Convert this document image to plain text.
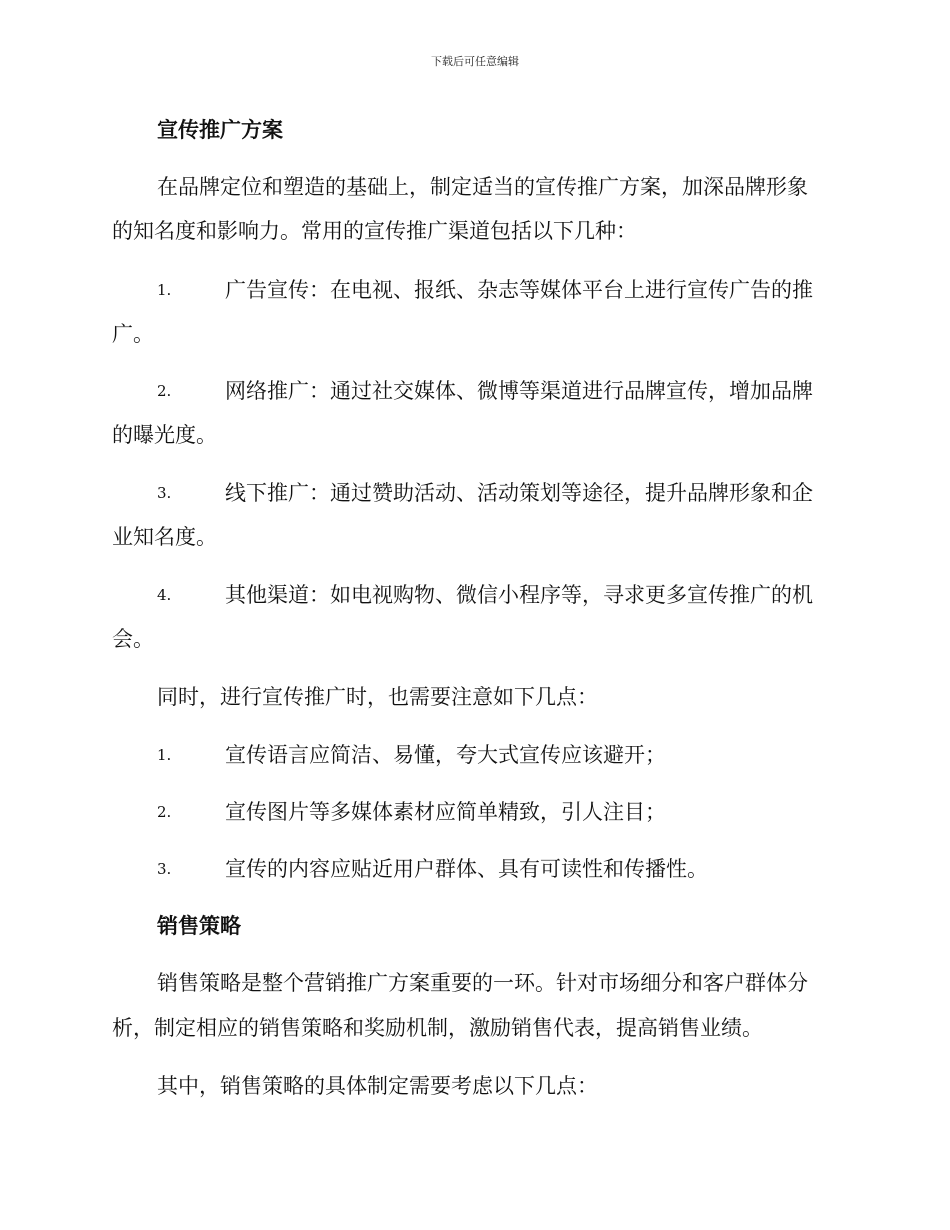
下载后可任意编辑
宣传推广方案
在品牌定位和塑造的基础上，制定适当的宣传推广方案，加深品牌形象
的知名度和影响力。常用的宣传推广渠道包括以下几种：
1.	广告宣传：在电视、报纸、杂志等媒体平台上进行宣传广告的推
广。
2.	网络推广：通过社交媒体、微博等渠道进行品牌宣传，增加品牌
的曝光度。
3.	线下推广：通过赞助活动、活动策划等途径，提升品牌形象和企
业知名度。
4.	其他渠道：如电视购物、微信小程序等，寻求更多宣传推广的机
会。
同时，进行宣传推广时，也需要注意如下几点：
1.	宣传语言应简洁、易懂，夸大式宣传应该避开；
2.	宣传图片等多媒体素材应简单精致，引人注目；
3.	宣传的内容应贴近用户群体、具有可读性和传播性。
销售策略
销售策略是整个营销推广方案重要的一环。针对市场细分和客户群体分
析，制定相应的销售策略和奖励机制，激励销售代表，提高销售业绩。
其中，销售策略的具体制定需要考虑以下几点：
